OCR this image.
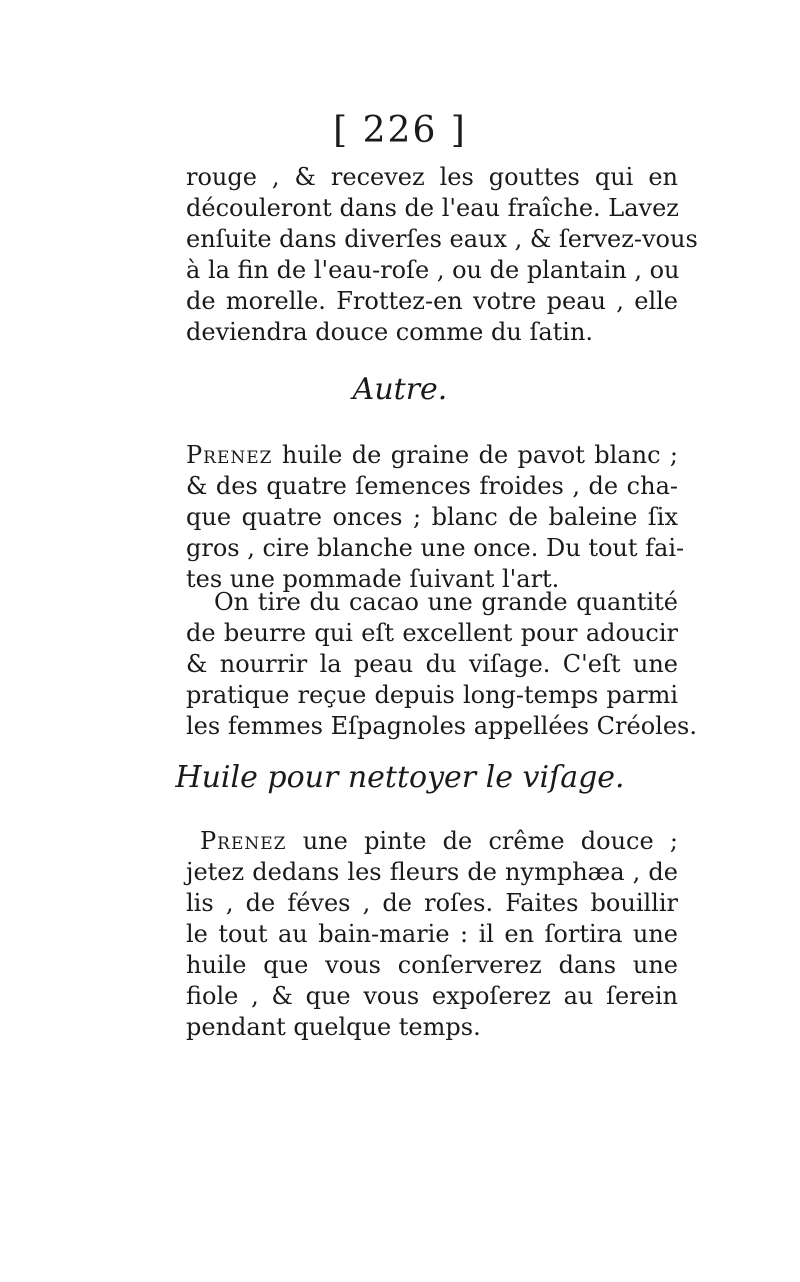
[ 226 ]
rouge , & recevez les gouttes qui en
découleront dans de l'eau fraîche. Lavez
enſuite dans diverſes eaux , & ſervez-vous
à la fin de l'eau-roſe , ou de plantain , ou
de morelle. Frottez-en votre peau , elle
deviendra douce comme du ſatin.
Autre.
Prenez huile de graine de pavot blanc ;
& des quatre ſemences froides , de cha-
que quatre onces ; blanc de baleine ſix
gros , cire blanche une once. Du tout fai-
tes une pommade ſuivant l'art.
On tire du cacao une grande quantité
de beurre qui eſt excellent pour adoucir
& nourrir la peau du viſage. C'eſt une
pratique reçue depuis long-temps parmi
les femmes Eſpagnoles appellées Créoles.
Huile pour nettoyer le viſage.
Prenez une pinte de crême douce ;
jetez dedans les fleurs de nymphæa , de
lis , de féves , de roſes. Faites bouillir
le tout au bain-marie : il en ſortira une
huile que vous conſerverez dans une
fiole , & que vous expoſerez au ſerein
pendant quelque temps.
